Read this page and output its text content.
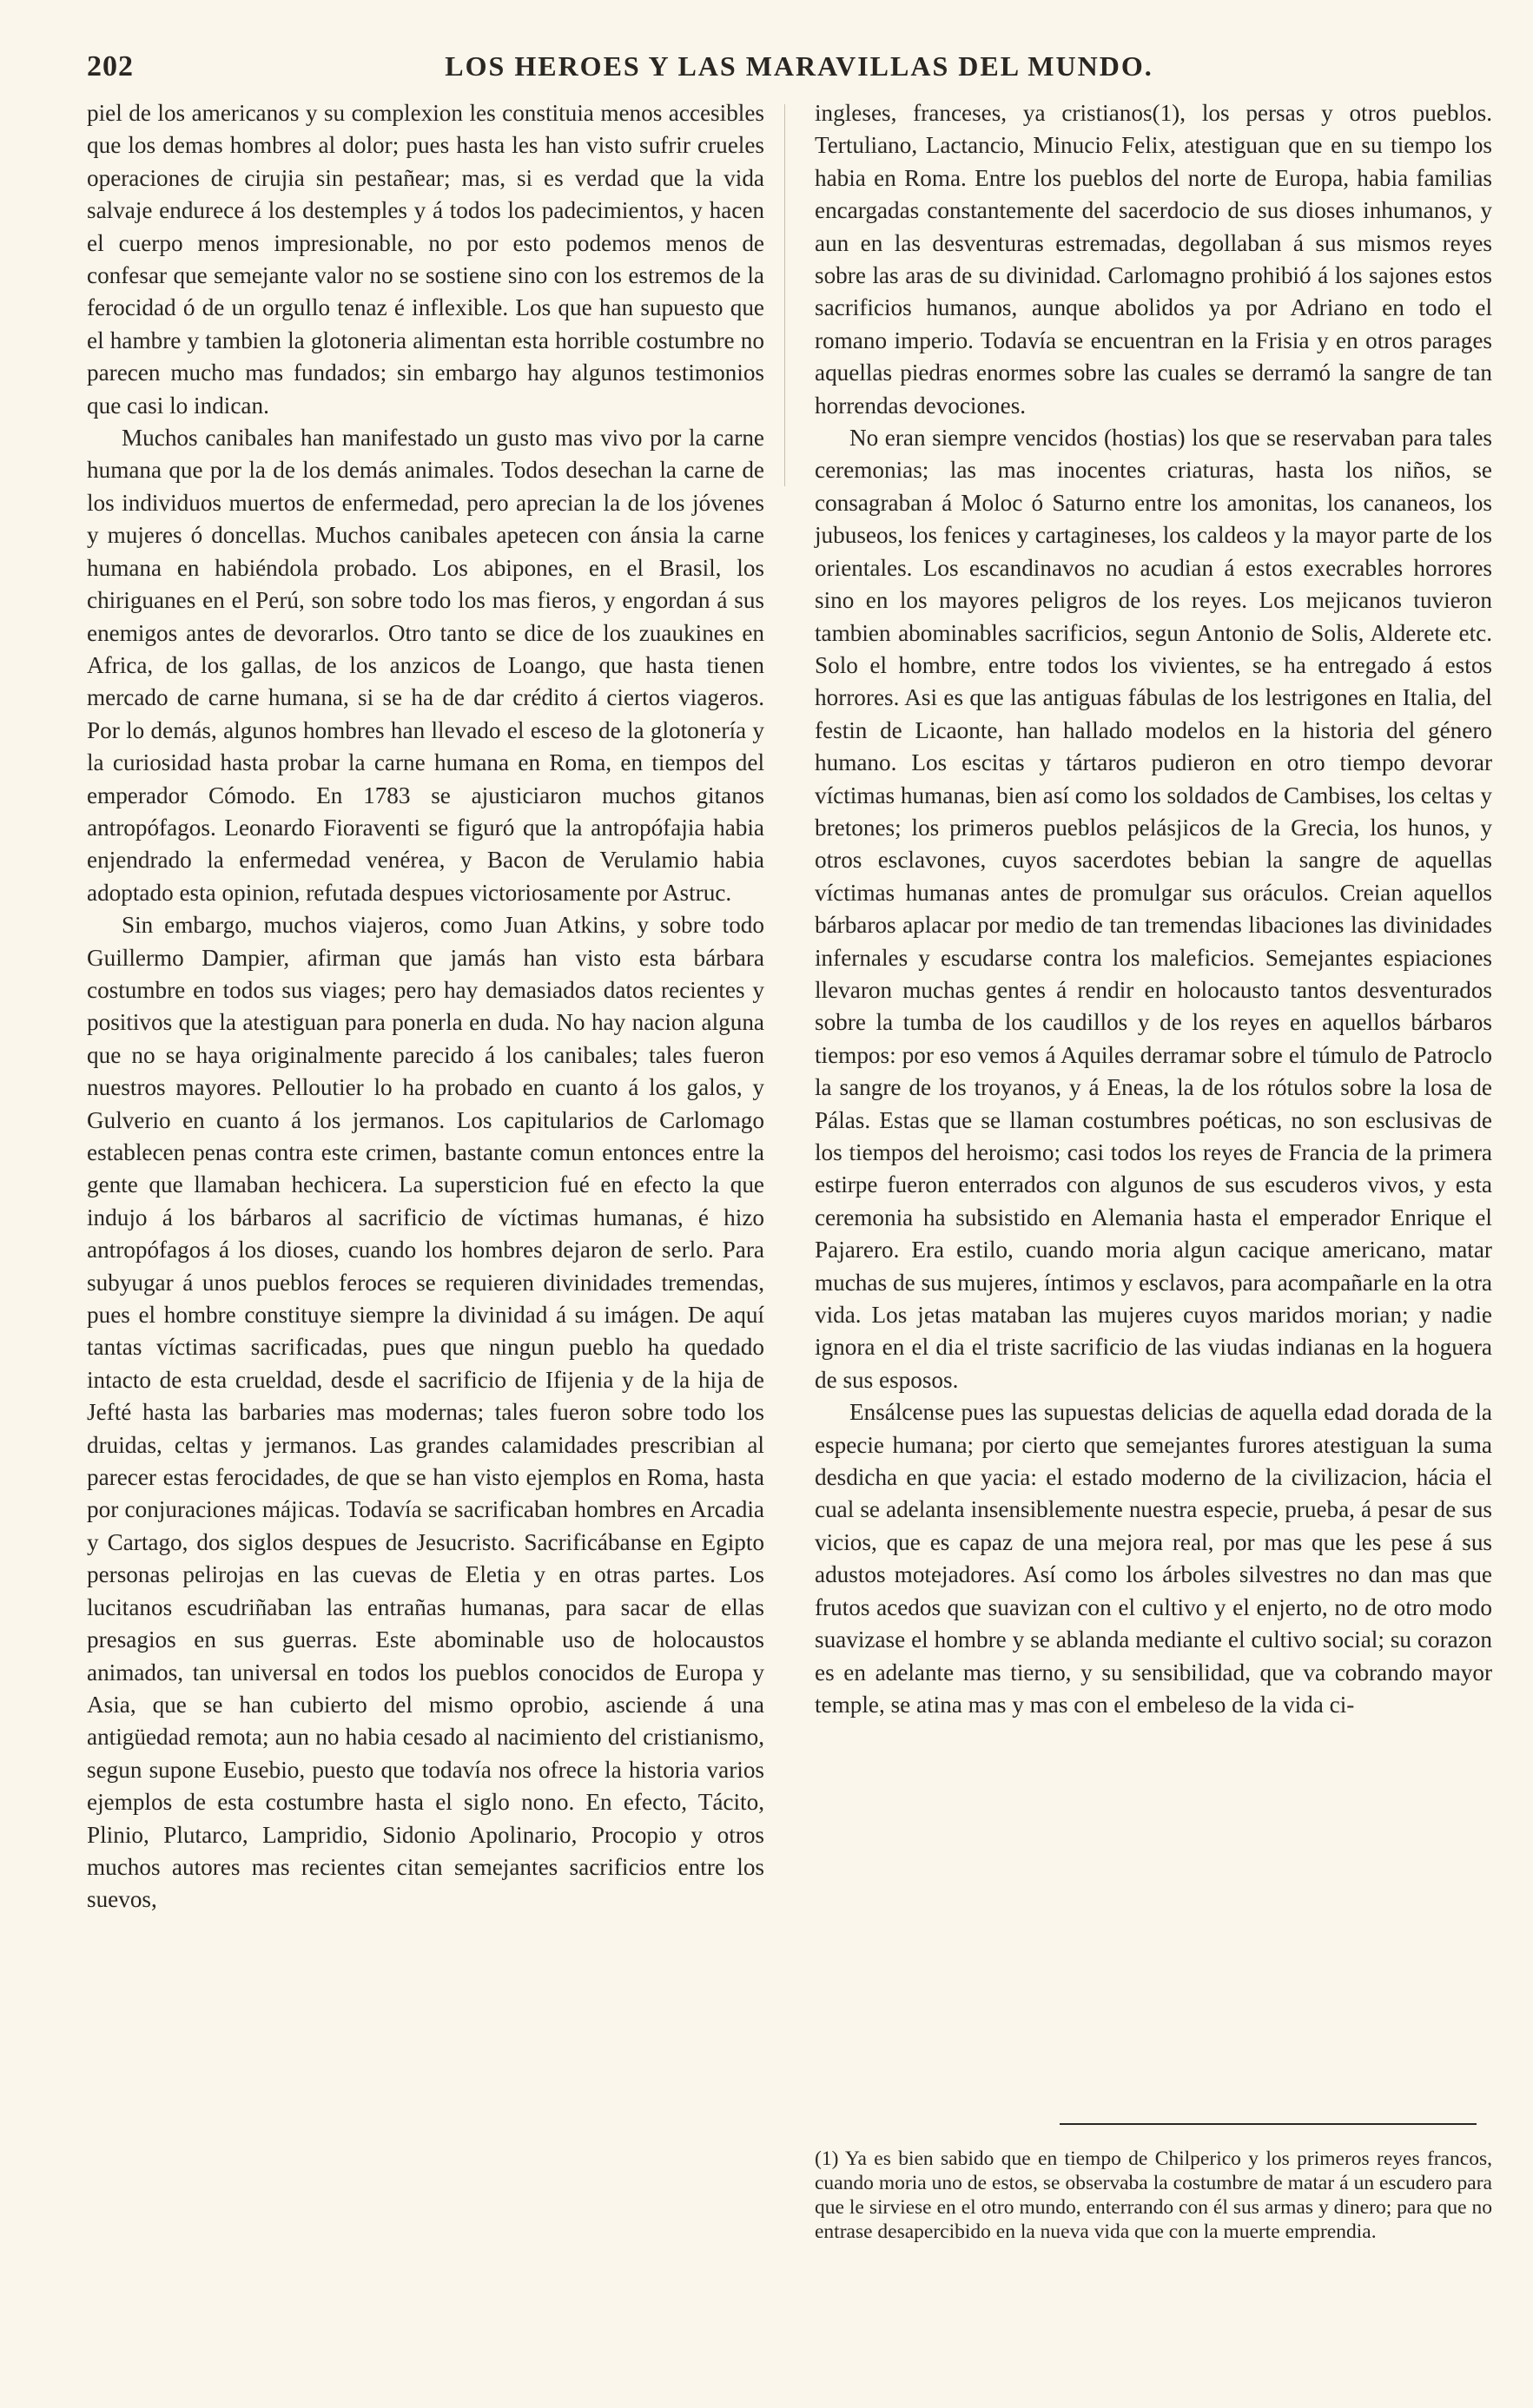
202	LOS HEROES Y LAS MARAVILLAS DEL MUNDO.

piel de los americanos y su complexion les constituia menos accesibles que los demas hombres al dolor; pues hasta les han visto sufrir crueles operaciones de cirujia sin pestañear; mas, si es verdad que la vida salvaje endurece á los destemples y á todos los padecimientos, y hacen el cuerpo menos impresionable, no por esto podemos menos de confesar que semejante valor no se sostiene sino con los estremos de la ferocidad ó de un orgullo tenaz é inflexible. Los que han supuesto que el hambre y tambien la glotoneria alimentan esta horrible costumbre no parecen mucho mas fundados; sin embargo hay algunos testimonios que casi lo indican.

Muchos canibales han manifestado un gusto mas vivo por la carne humana que por la de los demás animales. Todos desechan la carne de los individuos muertos de enfermedad, pero aprecian la de los jóvenes y mujeres ó doncellas. Muchos canibales apetecen con ánsia la carne humana en habiéndola probado. Los abipones, en el Brasil, los chiriguanes en el Perú, son sobre todo los mas fieros, y engordan á sus enemigos antes de devorarlos. Otro tanto se dice de los zuaukines en Africa, de los gallas, de los anzicos de Loango, que hasta tienen mercado de carne humana, si se ha de dar crédito á ciertos viageros. Por lo demás, algunos hombres han llevado el esceso de la glotonería y la curiosidad hasta probar la carne humana en Roma, en tiempos del emperador Cómodo. En 1783 se ajusticiaron muchos gitanos antropófagos. Leonardo Fioraventi se figuró que la antropófajia habia enjendrado la enfermedad venérea, y Bacon de Verulamio habia adoptado esta opinion, refutada despues victoriosamente por Astruc.

Sin embargo, muchos viajeros, como Juan Atkins, y sobre todo Guillermo Dampier, afirman que jamás han visto esta bárbara costumbre en todos sus viages; pero hay demasiados datos recientes y positivos que la atestiguan para ponerla en duda. No hay nacion alguna que no se haya originalmente parecido á los canibales; tales fueron nuestros mayores. Pelloutier lo ha probado en cuanto á los galos, y Gulverio en cuanto á los jermanos. Los capitularios de Carlomago establecen penas contra este crimen, bastante comun entonces entre la gente que llamaban hechicera. La supersticion fué en efecto la que indujo á los bárbaros al sacrificio de víctimas humanas, é hizo antropófagos á los dioses, cuando los hombres dejaron de serlo. Para subyugar á unos pueblos feroces se requieren divinidades tremendas, pues el hombre constituye siempre la divinidad á su imágen. De aquí tantas víctimas sacrificadas, pues que ningun pueblo ha quedado intacto de esta crueldad, desde el sacrificio de Ifijenia y de la hija de Jefté hasta las barbaries mas modernas; tales fueron sobre todo los druidas, celtas y jermanos. Las grandes calamidades prescribian al parecer estas ferocidades, de que se han visto ejemplos en Roma, hasta por conjuraciones májicas. Todavía se sacrificaban hombres en Arcadia y Cartago, dos siglos despues de Jesucristo. Sacrificábanse en Egipto personas pelirojas en las cuevas de Eletia y en otras partes. Los lucitanos escudriñaban las entrañas humanas, para sacar de ellas presagios en sus guerras. Este abominable uso de holocaustos animados, tan universal en todos los pueblos conocidos de Europa y Asia, que se han cubierto del mismo oprobio, asciende á una antigüedad remota; aun no habia cesado al nacimiento del cristianismo, segun supone Eusebio, puesto que todavía nos ofrece la historia varios ejemplos de esta costumbre hasta el siglo nono. En efecto, Tácito, Plinio, Plutarco, Lampridio, Sidonio Apolinario, Procopio y otros muchos autores mas recientes citan semejantes sacrificios entre los suevos,

ingleses, franceses, ya cristianos(1), los persas y otros pueblos. Tertuliano, Lactancio, Minucio Felix, atestiguan que en su tiempo los habia en Roma. Entre los pueblos del norte de Europa, habia familias encargadas constantemente del sacerdocio de sus dioses inhumanos, y aun en las desventuras estremadas, degollaban á sus mismos reyes sobre las aras de su divinidad. Carlomagno prohibió á los sajones estos sacrificios humanos, aunque abolidos ya por Adriano en todo el romano imperio. Todavía se encuentran en la Frisia y en otros parages aquellas piedras enormes sobre las cuales se derramó la sangre de tan horrendas devociones.

No eran siempre vencidos (hostias) los que se reservaban para tales ceremonias; las mas inocentes criaturas, hasta los niños, se consagraban á Moloc ó Saturno entre los amonitas, los cananeos, los jubuseos, los fenices y cartagineses, los caldeos y la mayor parte de los orientales. Los escandinavos no acudian á estos execrables horrores sino en los mayores peligros de los reyes. Los mejicanos tuvieron tambien abominables sacrificios, segun Antonio de Solis, Alderete etc. Solo el hombre, entre todos los vivientes, se ha entregado á estos horrores. Asi es que las antiguas fábulas de los lestrigones en Italia, del festin de Licaonte, han hallado modelos en la historia del género humano. Los escitas y tártaros pudieron en otro tiempo devorar víctimas humanas, bien así como los soldados de Cambises, los celtas y bretones; los primeros pueblos pelásjicos de la Grecia, los hunos, y otros esclavones, cuyos sacerdotes bebian la sangre de aquellas víctimas humanas antes de promulgar sus oráculos. Creian aquellos bárbaros aplacar por medio de tan tremendas libaciones las divinidades infernales y escudarse contra los maleficios. Semejantes espiaciones llevaron muchas gentes á rendir en holocausto tantos desventurados sobre la tumba de los caudillos y de los reyes en aquellos bárbaros tiempos: por eso vemos á Aquiles derramar sobre el túmulo de Patroclo la sangre de los troyanos, y á Eneas, la de los rótulos sobre la losa de Pálas. Estas que se llaman costumbres poéticas, no son esclusivas de los tiempos del heroismo; casi todos los reyes de Francia de la primera estirpe fueron enterrados con algunos de sus escuderos vivos, y esta ceremonia ha subsistido en Alemania hasta el emperador Enrique el Pajarero. Era estilo, cuando moria algun cacique americano, matar muchas de sus mujeres, íntimos y esclavos, para acompañarle en la otra vida. Los jetas mataban las mujeres cuyos maridos morian; y nadie ignora en el dia el triste sacrificio de las viudas indianas en la hoguera de sus esposos.

Ensálcense pues las supuestas delicias de aquella edad dorada de la especie humana; por cierto que semejantes furores atestiguan la suma desdicha en que yacia: el estado moderno de la civilizacion, hácia el cual se adelanta insensiblemente nuestra especie, prueba, á pesar de sus vicios, que es capaz de una mejora real, por mas que les pese á sus adustos motejadores. Así como los árboles silvestres no dan mas que frutos acedos que suavizan con el cultivo y el enjerto, no de otro modo suavizase el hombre y se ablanda mediante el cultivo social; su corazon es en adelante mas tierno, y su sensibilidad, que va cobrando mayor temple, se atina mas y mas con el embeleso de la vida ci-

(1) Ya es bien sabido que en tiempo de Chilperico y los primeros reyes francos, cuando moria uno de estos, se observaba la costumbre de matar á un escudero para que le sirviese en el otro mundo, enterrando con él sus armas y dinero; para que no entrase desapercibido en la nueva vida que con la muerte emprendia.
